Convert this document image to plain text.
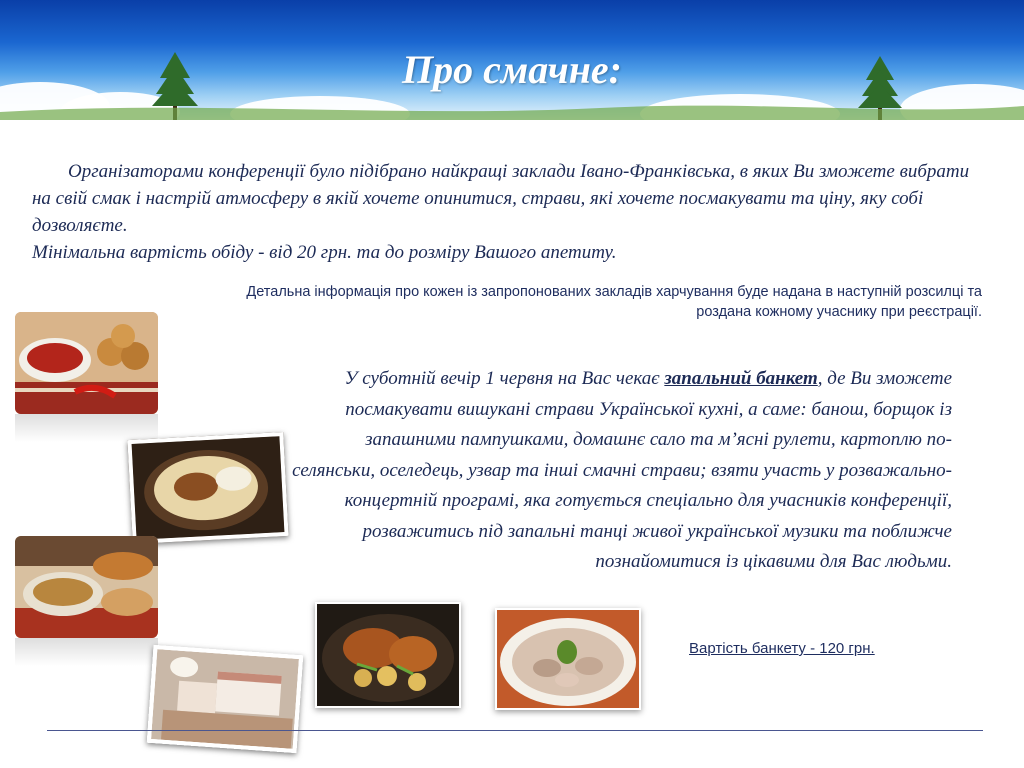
Про смачне:

Організаторами конференції було підібрано найкращі заклади Івано-Франківська, в яких Ви зможете вибрати на свій смак і настрій атмосферу в якій хочете опинитися, страви, які хочете посмакувати та ціну, яку собі дозволяєте.
Мінімальна вартість обіду - від 20 грн. та до розміру Вашого апетиту.

Детальна інформація про кожен із запропонованих закладів харчування буде надана в наступній розсилці та роздана кожному учаснику при реєстрації.

У суботній вечір 1 червня на Вас чекає запальний банкет, де Ви зможете посмакувати вишукані страви Української кухні, а саме: банош, борщок із запашними пампушками, домашнє сало та м’ясні рулети, картоплю по-селянськи, оселедець, узвар та інші смачні страви; взяти участь у розважально-концертній програмі, яка готується спеціально для учасників конференції, розважитись під запальні танці живої української музики та поближче познайомитися із цікавими для Вас людьми.

Вартість банкету - 120 грн.
